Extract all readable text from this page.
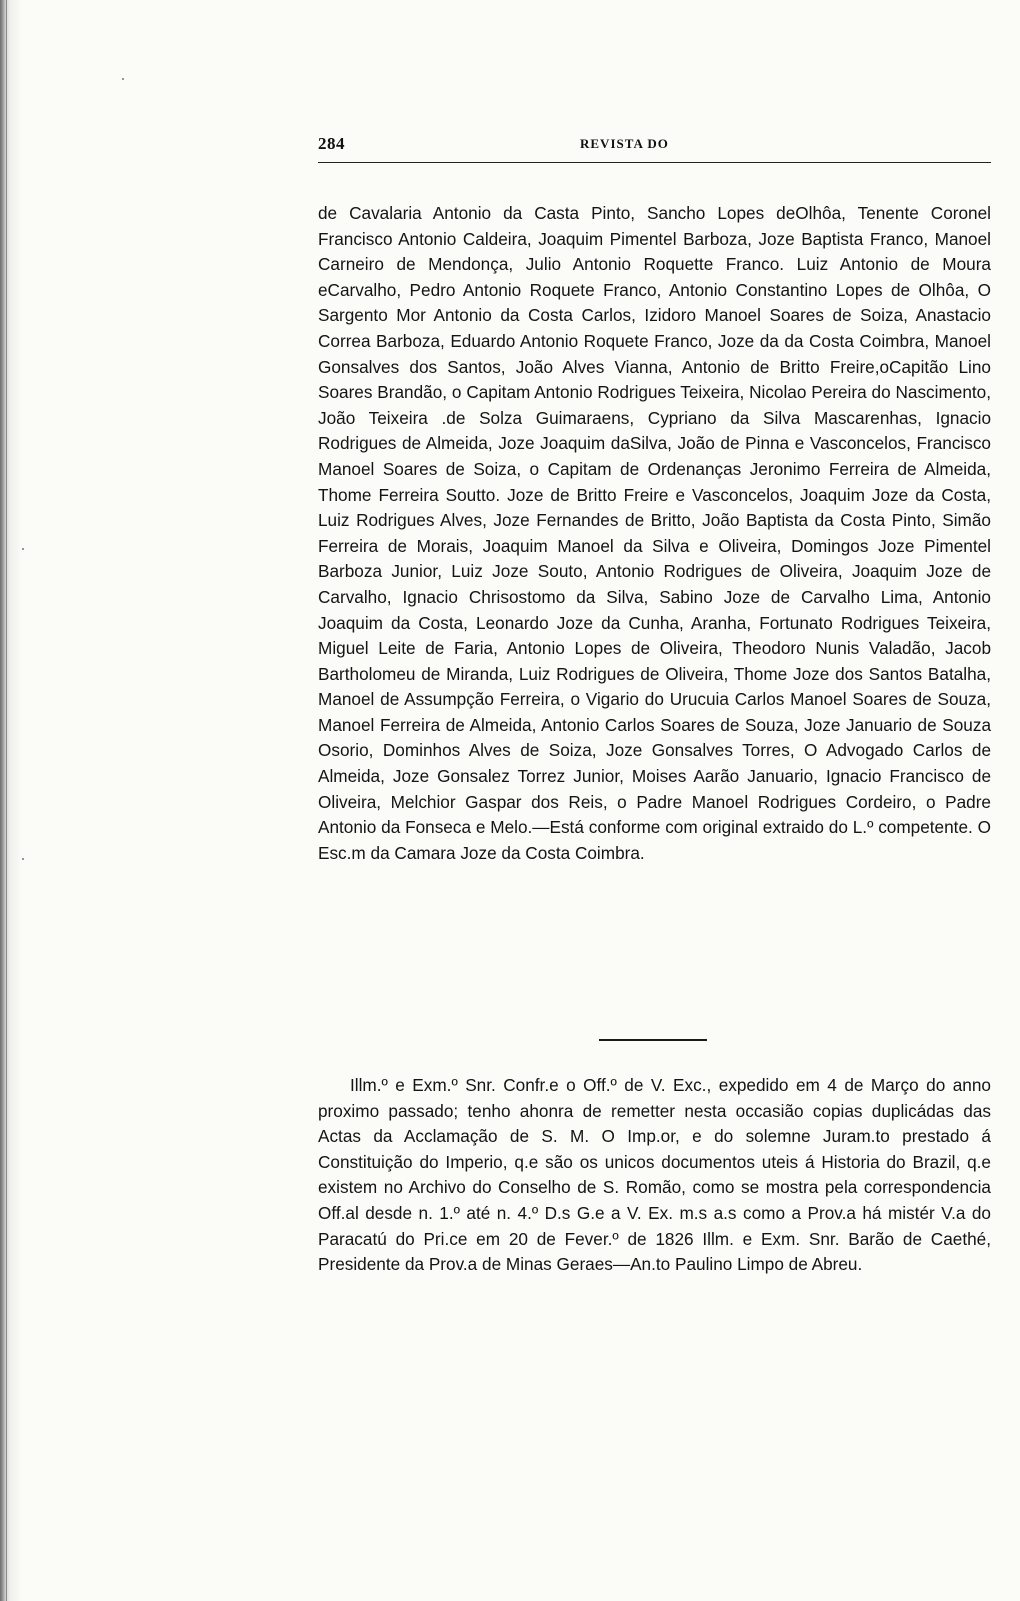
284	REVISTA DO

de Cavalaria Antonio da Casta Pinto, Sancho Lopes deOlhôa, Tenente Coronel Francisco Antonio Caldeira, Joaquim Pimentel Barboza, Joze Baptista Franco, Manoel Carneiro de Mendonça, Julio Antonio Roquette Franco. Luiz Antonio de Moura eCarvalho, Pedro Antonio Roquete Franco, Antonio Constantino Lopes de Olhôa, O Sargento Mor Antonio da Costa Carlos, Izidoro Manoel Soares de Soiza, Anastacio Correa Barboza, Eduardo Antonio Roquete Franco, Joze da da Costa Coimbra, Manoel Gonsalves dos Santos, João Alves Vianna, Antonio de Britto Freire,oCapitão Lino Soares Brandão, o Capitam Antonio Rodrigues Teixeira, Nicolao Pereira do Nascimento, João Teixeira .de Solza Guimaraens, Cypriano da Silva Mascarenhas, Ignacio Rodrigues de Almeida, Joze Joaquim daSilva, João de Pinna e Vasconcelos, Francisco Manoel Soares de Soiza, o Capitam de Ordenanças Jeronimo Ferreira de Almeida, Thome Ferreira Soutto. Joze de Britto Freire e Vasconcelos, Joaquim Joze da Costa, Luiz Rodrigues Alves, Joze Fernandes de Britto, João Baptista da Costa Pinto, Simão Ferreira de Morais, Joaquim Manoel da Silva e Oliveira, Domingos Joze Pimentel Barboza Junior, Luiz Joze Souto, Antonio Rodrigues de Oliveira, Joaquim Joze de Carvalho, Ignacio Chrisostomo da Silva, Sabino Joze de Carvalho Lima, Antonio Joaquim da Costa, Leonardo Joze da Cunha, Aranha, Fortunato Rodrigues Teixeira, Miguel Leite de Faria, Antonio Lopes de Oliveira, Theodoro Nunis Valadão, Jacob Bartholomeu de Miranda, Luiz Rodrigues de Oliveira, Thome Joze dos Santos Batalha, Manoel de Assumpção Ferreira, o Vigario do Urucuia Carlos Manoel Soares de Souza, Manoel Ferreira de Almeida, Antonio Carlos Soares de Souza, Joze Januario de Souza Osorio, Dominhos Alves de Soiza, Joze Gonsalves Torres, O Advogado Carlos de Almeida, Joze Gonsalez Torrez Junior, Moises Aarão Januario, Ignacio Francisco de Oliveira, Melchior Gaspar dos Reis, o Padre Manoel Rodrigues Cordeiro, o Padre Antonio da Fonseca e Melo.—Está conforme com original extraido do L.º competente. O Esc.m da Camara Joze da Costa Coimbra.

Illm.º e Exm.º Snr. Confr.e o Off.º de V. Exc., expedido em 4 de Março do anno proximo passado; tenho ahonra de remetter nesta occasião copias duplicádas das Actas da Acclamação de S. M. O Imp.or, e do solemne Juram.to prestado á Constituição do Imperio, q.e são os unicos documentos uteis á Historia do Brazil, q.e existem no Archivo do Conselho de S. Romão, como se mostra pela correspondencia Off.al desde n. 1.º até n. 4.º D.s G.e a V. Ex. m.s a.s como a Prov.a há mistér V.a do Paracatú do Pri.ce em 20 de Fever.º de 1826 Illm. e Exm. Snr. Barão de Caethé, Presidente da Prov.a de Minas Geraes—An.to Paulino Limpo de Abreu.
